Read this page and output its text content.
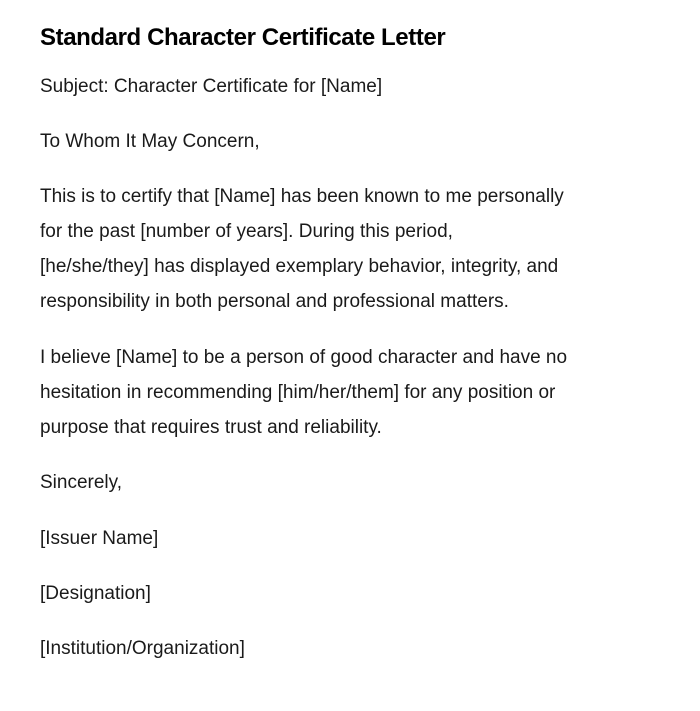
Standard Character Certificate Letter
Subject: Character Certificate for [Name]
To Whom It May Concern,
This is to certify that [Name] has been known to me personally
for the past [number of years]. During this period,
[he/she/they] has displayed exemplary behavior, integrity, and
responsibility in both personal and professional matters.
I believe [Name] to be a person of good character and have no
hesitation in recommending [him/her/them] for any position or
purpose that requires trust and reliability.
Sincerely,
[Issuer Name]
[Designation]
[Institution/Organization]
